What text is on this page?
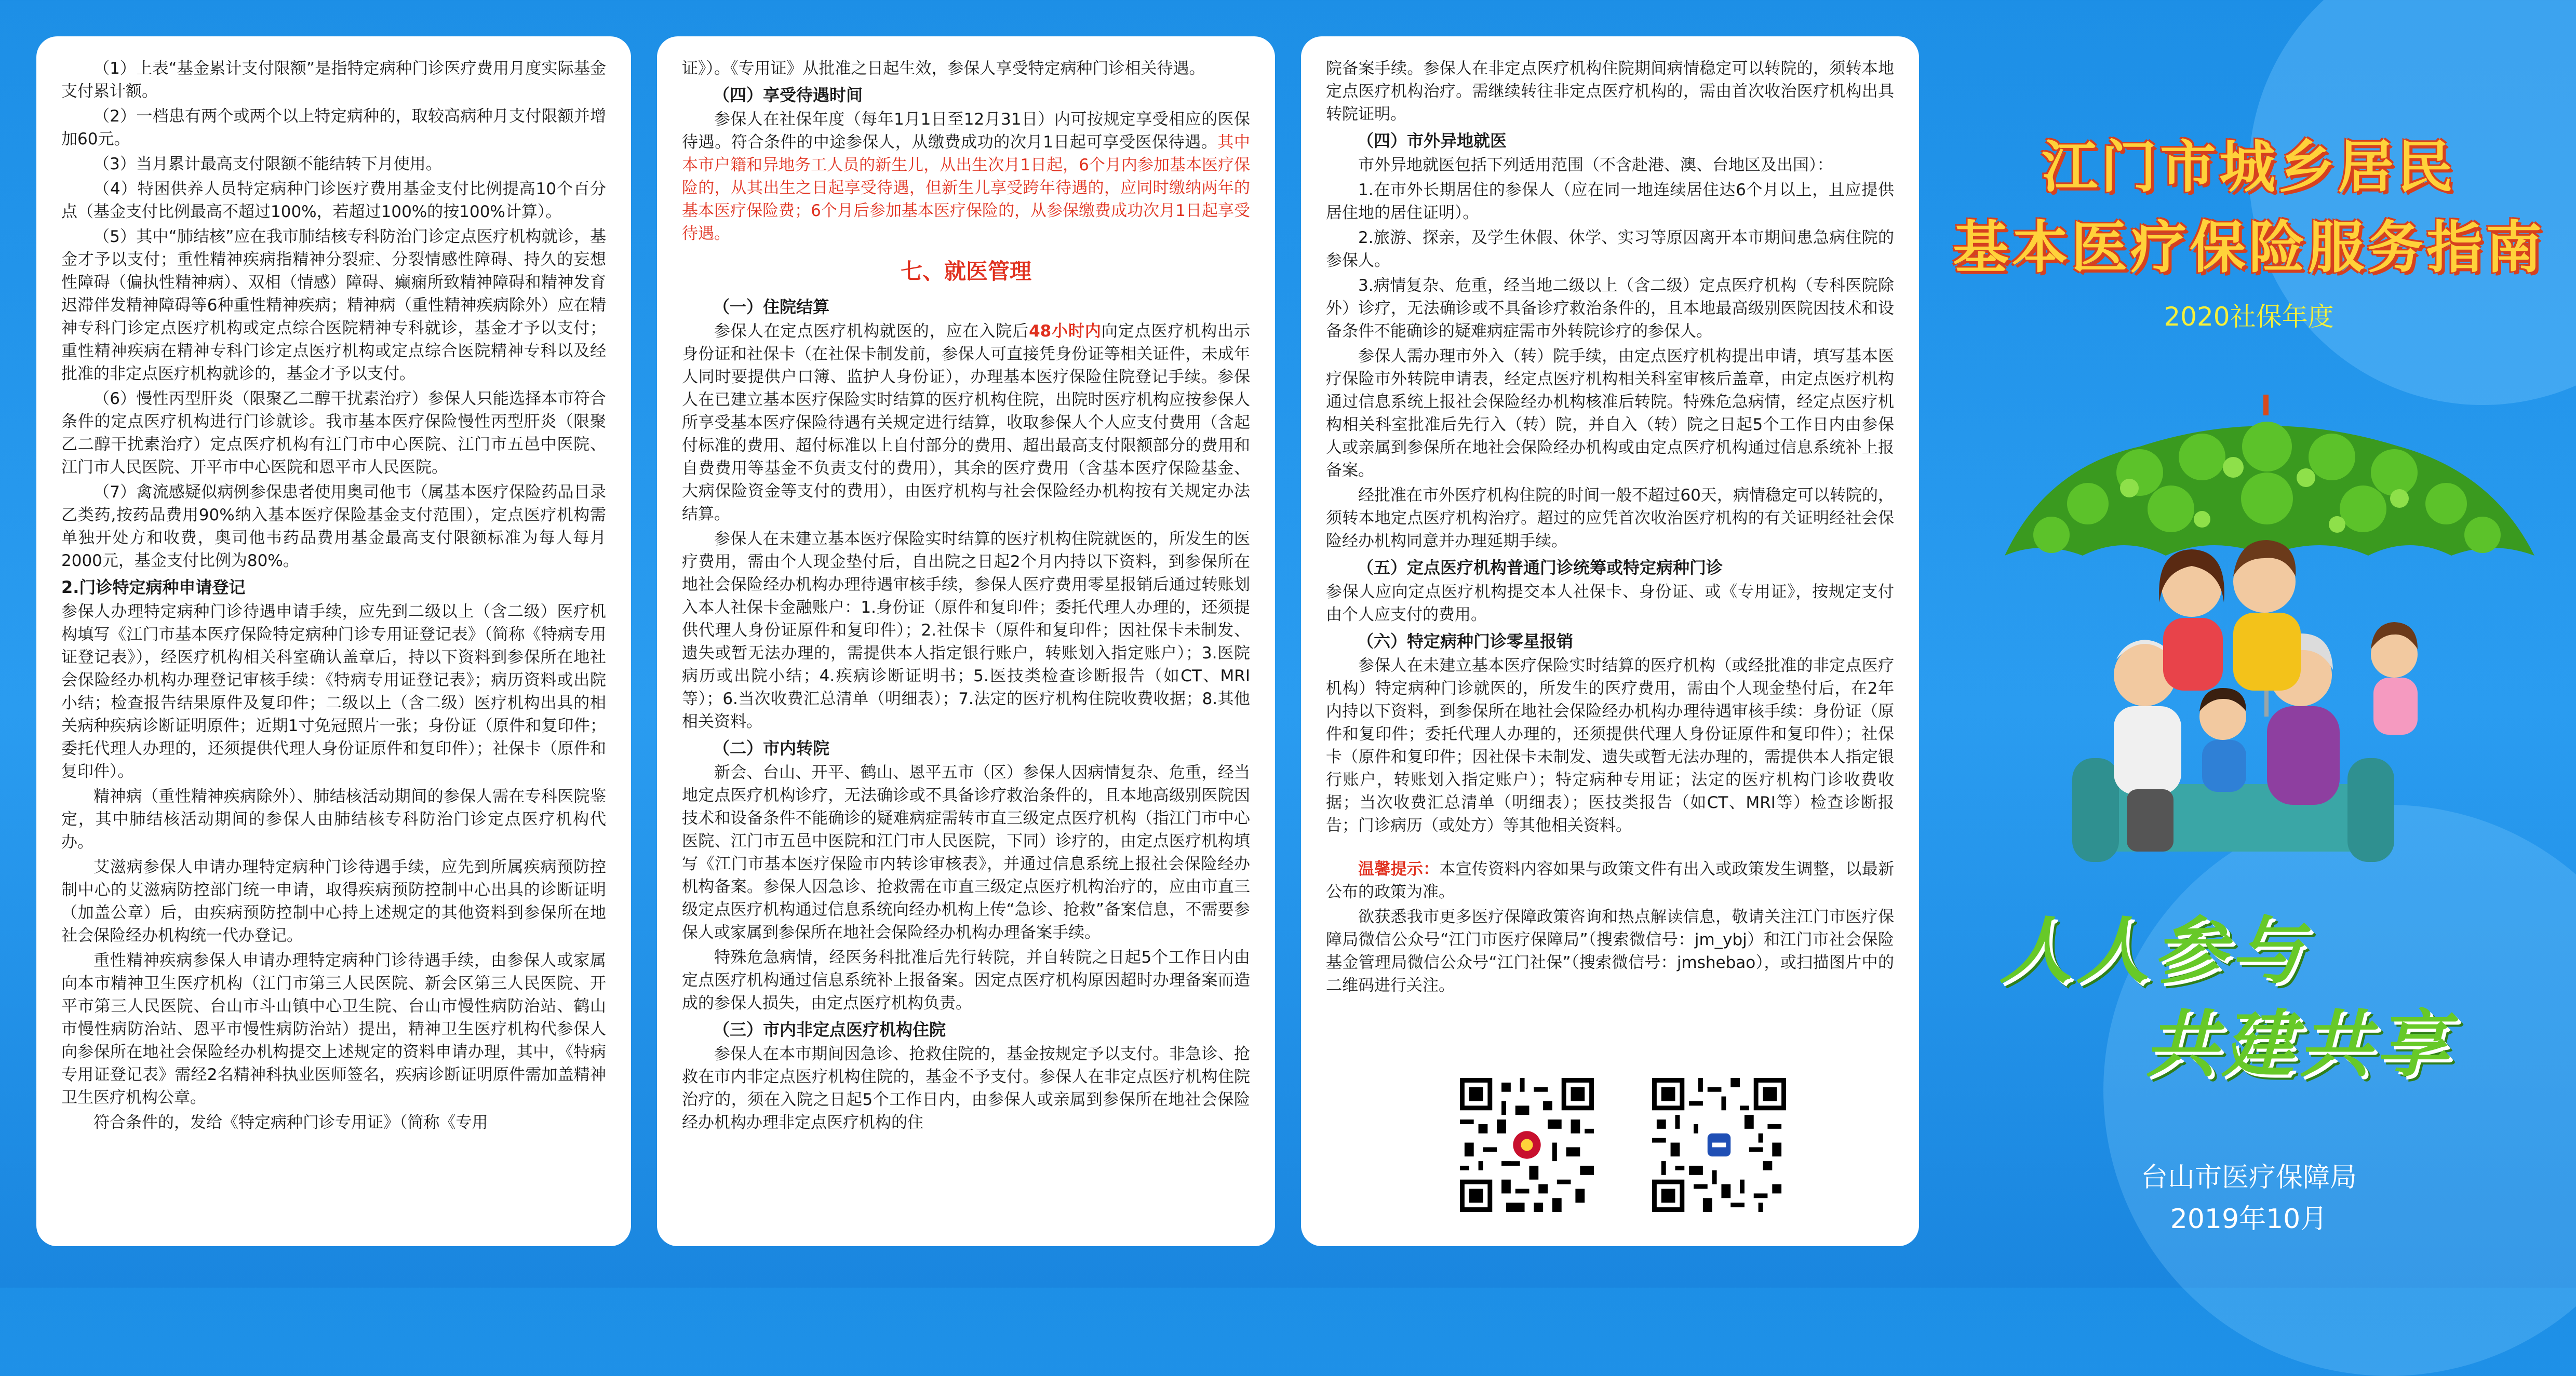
（1）上表“基金累计支付限额”是指特定病种门诊医疗费用月度实际基金支付累计额。

（2）一档患有两个或两个以上特定病种的，取较高病种月支付限额并增加60元。

（3）当月累计最高支付限额不能结转下月使用。

（4）特困供养人员特定病种门诊医疗费用基金支付比例提高10个百分点（基金支付比例最高不超过100%，若超过100%的按100%计算）。

（5）其中“肺结核”应在我市肺结核专科防治门诊定点医疗机构就诊，基金才予以支付；重性精神疾病指精神分裂症、分裂情感性障碍、持久的妄想性障碍（偏执性精神病）、双相（情感）障碍、癫痫所致精神障碍和精神发育迟滞伴发精神障碍等6种重性精神疾病；精神病（重性精神疾病除外）应在精神专科门诊定点医疗机构或定点综合医院精神专科就诊，基金才予以支付；重性精神疾病在精神专科门诊定点医疗机构或定点综合医院精神专科以及经批准的非定点医疗机构就诊的，基金才予以支付。

（6）慢性丙型肝炎（限聚乙二醇干扰素治疗）参保人只能选择本市符合条件的定点医疗机构进行门诊就诊。我市基本医疗保险慢性丙型肝炎（限聚乙二醇干扰素治疗）定点医疗机构有江门市中心医院、江门市五邑中医院、江门市人民医院、开平市中心医院和恩平市人民医院。

（7）禽流感疑似病例参保患者使用奥司他韦（属基本医疗保险药品目录乙类药,按药品费用90%纳入基本医疗保险基金支付范围），定点医疗机构需单独开处方和收费，奥司他韦药品费用基金最高支付限额标准为每人每月2000元，基金支付比例为80%。

2.门诊特定病种申请登记

参保人办理特定病种门诊待遇申请手续，应先到二级以上（含二级）医疗机构填写《江门市基本医疗保险特定病种门诊专用证登记表》（简称《特病专用证登记表》），经医疗机构相关科室确认盖章后，持以下资料到参保所在地社会保险经办机构办理登记审核手续：《特病专用证登记表》；病历资料或出院小结；检查报告结果原件及复印件；二级以上（含二级）医疗机构出具的相关病种疾病诊断证明原件；近期1寸免冠照片一张；身份证（原件和复印件；委托代理人办理的，还须提供代理人身份证原件和复印件）；社保卡（原件和复印件）。

精神病（重性精神疾病除外）、肺结核活动期间的参保人需在专科医院鉴定，其中肺结核活动期间的参保人由肺结核专科防治门诊定点医疗机构代办。

艾滋病参保人申请办理特定病种门诊待遇手续，应先到所属疾病预防控制中心的艾滋病防控部门统一申请，取得疾病预防控制中心出具的诊断证明（加盖公章）后，由疾病预防控制中心持上述规定的其他资料到参保所在地社会保险经办机构统一代办登记。

重性精神疾病参保人申请办理特定病种门诊待遇手续，由参保人或家属向本市精神卫生医疗机构（江门市第三人民医院、新会区第三人民医院、开平市第三人民医院、台山市斗山镇中心卫生院、台山市慢性病防治站、鹤山市慢性病防治站、恩平市慢性病防治站）提出，精神卫生医疗机构代参保人向参保所在地社会保险经办机构提交上述规定的资料申请办理，其中，《特病专用证登记表》需经2名精神科执业医师签名，疾病诊断证明原件需加盖精神卫生医疗机构公章。

符合条件的，发给《特定病种门诊专用证》（简称《专用

证》）。《专用证》从批准之日起生效，参保人享受特定病种门诊相关待遇。

（四）享受待遇时间

参保人在社保年度（每年1月1日至12月31日）内可按规定享受相应的医保待遇。符合条件的中途参保人，从缴费成功的次月1日起可享受医保待遇。其中本市户籍和异地务工人员的新生儿，从出生次月1日起，6个月内参加基本医疗保险的，从其出生之日起享受待遇，但新生儿享受跨年待遇的，应同时缴纳两年的基本医疗保险费；6个月后参加基本医疗保险的，从参保缴费成功次月1日起享受待遇。

七、就医管理
（一）住院结算

参保人在定点医疗机构就医的，应在入院后48小时内向定点医疗机构出示身份证和社保卡（在社保卡制发前，参保人可直接凭身份证等相关证件，未成年人同时要提供户口簿、监护人身份证），办理基本医疗保险住院登记手续。参保人在已建立基本医疗保险实时结算的医疗机构住院，出院时医疗机构应按参保人所享受基本医疗保险待遇有关规定进行结算，收取参保人个人应支付费用（含起付标准的费用、超付标准以上自付部分的费用、超出最高支付限额部分的费用和自费费用等基金不负责支付的费用），其余的医疗费用（含基本医疗保险基金、大病保险资金等支付的费用），由医疗机构与社会保险经办机构按有关规定办法结算。

参保人在未建立基本医疗保险实时结算的医疗机构住院就医的，所发生的医疗费用，需由个人现金垫付后，自出院之日起2个月内持以下资料，到参保所在地社会保险经办机构办理待遇审核手续，参保人医疗费用零星报销后通过转账划入本人社保卡金融账户：1.身份证（原件和复印件；委托代理人办理的，还须提供代理人身份证原件和复印件）；2.社保卡（原件和复印件；因社保卡未制发、遗失或暂无法办理的，需提供本人指定银行账户，转账划入指定账户）；3.医院病历或出院小结；4.疾病诊断证明书；5.医技类检查诊断报告（如CT、MRI等）；6.当次收费汇总清单（明细表）；7.法定的医疗机构住院收费收据；8.其他相关资料。

（二）市内转院

新会、台山、开平、鹤山、恩平五市（区）参保人因病情复杂、危重，经当地定点医疗机构诊疗，无法确诊或不具备诊疗救治条件的，且本地高级别医院因技术和设备条件不能确诊的疑难病症需转市直三级定点医疗机构（指江门市中心医院、江门市五邑中医院和江门市人民医院，下同）诊疗的，由定点医疗机构填写《江门市基本医疗保险市内转诊审核表》，并通过信息系统上报社会保险经办机构备案。参保人因急诊、抢救需在市直三级定点医疗机构治疗的，应由市直三级定点医疗机构通过信息系统向经办机构上传“急诊、抢救”备案信息，不需要参保人或家属到参保所在地社会保险经办机构办理备案手续。

特殊危急病情，经医务科批准后先行转院，并自转院之日起5个工作日内由定点医疗机构通过信息系统补上报备案。因定点医疗机构原因超时办理备案而造成的参保人损失，由定点医疗机构负责。

（三）市内非定点医疗机构住院

参保人在本市期间因急诊、抢救住院的，基金按规定予以支付。非急诊、抢救在市内非定点医疗机构住院的，基金不予支付。参保人在非定点医疗机构住院治疗的，须在入院之日起5个工作日内，由参保人或亲属到参保所在地社会保险经办机构办理非定点医疗机构的住

院备案手续。参保人在非定点医疗机构住院期间病情稳定可以转院的，须转本地定点医疗机构治疗。需继续转往非定点医疗机构的，需由首次收治医疗机构出具转院证明。

（四）市外异地就医

市外异地就医包括下列适用范围（不含赴港、澳、台地区及出国）：

1.在市外长期居住的参保人（应在同一地连续居住达6个月以上，且应提供居住地的居住证明）。

2.旅游、探亲，及学生休假、休学、实习等原因离开本市期间患急病住院的参保人。

3.病情复杂、危重，经当地二级以上（含二级）定点医疗机构（专科医院除外）诊疗，无法确诊或不具备诊疗救治条件的，且本地最高级别医院因技术和设备条件不能确诊的疑难病症需市外转院诊疗的参保人。

参保人需办理市外入（转）院手续，由定点医疗机构提出申请，填写基本医疗保险市外转院申请表，经定点医疗机构相关科室审核后盖章，由定点医疗机构通过信息系统上报社会保险经办机构核准后转院。特殊危急病情，经定点医疗机构相关科室批准后先行入（转）院，并自入（转）院之日起5个工作日内由参保人或亲属到参保所在地社会保险经办机构或由定点医疗机构通过信息系统补上报备案。

经批准在市外医疗机构住院的时间一般不超过60天，病情稳定可以转院的，须转本地定点医疗机构治疗。超过的应凭首次收治医疗机构的有关证明经社会保险经办机构同意并办理延期手续。

（五）定点医疗机构普通门诊统筹或特定病种门诊

参保人应向定点医疗机构提交本人社保卡、身份证、或《专用证》，按规定支付由个人应支付的费用。

（六）特定病种门诊零星报销

参保人在未建立基本医疗保险实时结算的医疗机构（或经批准的非定点医疗机构）特定病种门诊就医的，所发生的医疗费用，需由个人现金垫付后，在2年内持以下资料，到参保所在地社会保险经办机构办理待遇审核手续：身份证（原件和复印件；委托代理人办理的，还须提供代理人身份证原件和复印件）；社保卡（原件和复印件；因社保卡未制发、遗失或暂无法办理的，需提供本人指定银行账户，转账划入指定账户）；特定病种专用证；法定的医疗机构门诊收费收据；当次收费汇总清单（明细表）；医技类报告（如CT、MRI等）检查诊断报告；门诊病历（或处方）等其他相关资料。

温馨提示：本宣传资料内容如果与政策文件有出入或政策发生调整，以最新公布的政策为准。

欲获悉我市更多医疗保障政策咨询和热点解读信息，敬请关注江门市医疗保障局微信公众号“江门市医疗保障局”（搜索微信号：jm_ybj）和江门市社会保险基金管理局微信公众号“江门社保”（搜索微信号：jmshebao），或扫描图片中的二维码进行关注。

江门市城乡居民
基本医疗保险服务指南
2020社保年度
人人参与
共建共享
台山市医疗保障局
2019年10月
